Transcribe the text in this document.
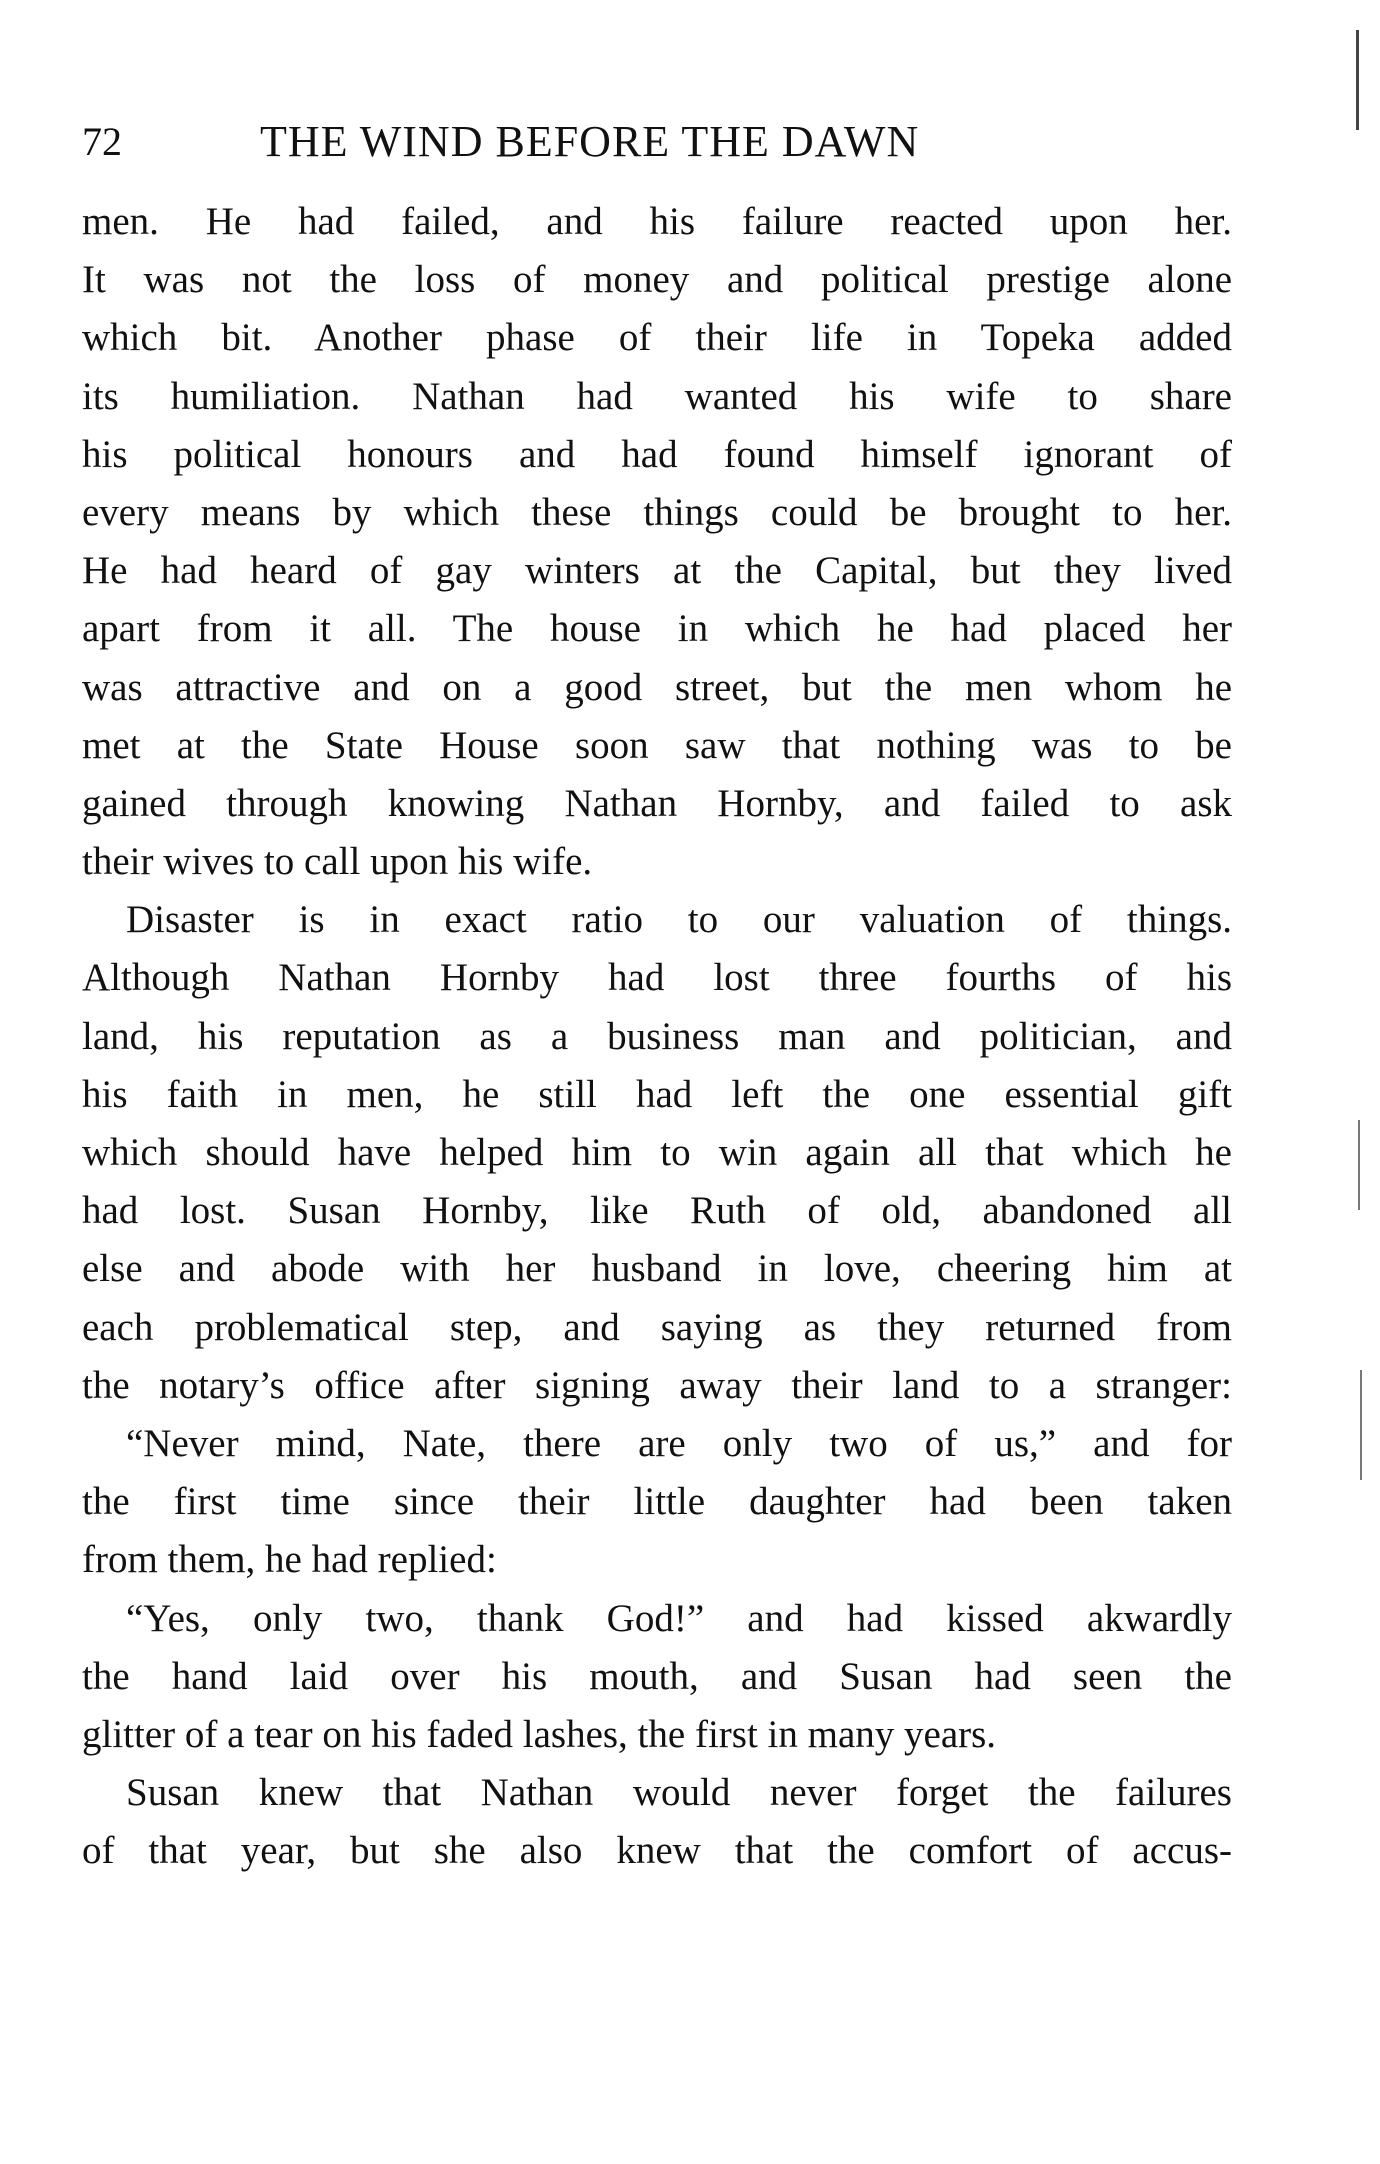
72	THE WIND BEFORE THE DAWN
men. He had failed, and his failure reacted upon her.
It was not the loss of money and political prestige alone
which bit. Another phase of their life in Topeka added
its humiliation. Nathan had wanted his wife to share
his political honours and had found himself ignorant of
every means by which these things could be brought to her.
He had heard of gay winters at the Capital, but they lived
apart from it all. The house in which he had placed her
was attractive and on a good street, but the men whom he
met at the State House soon saw that nothing was to be
gained through knowing Nathan Hornby, and failed to ask
their wives to call upon his wife.
Disaster is in exact ratio to our valuation of things.
Although Nathan Hornby had lost three fourths of his
land, his reputation as a business man and politician, and
his faith in men, he still had left the one essential gift
which should have helped him to win again all that which he
had lost. Susan Hornby, like Ruth of old, abandoned all
else and abode with her husband in love, cheering him at
each problematical step, and saying as they returned from
the notary’s office after signing away their land to a stranger:
“Never mind, Nate, there are only two of us,” and for
the first time since their little daughter had been taken
from them, he had replied:
“Yes, only two, thank God!” and had kissed akwardly
the hand laid over his mouth, and Susan had seen the
glitter of a tear on his faded lashes, the first in many years.
Susan knew that Nathan would never forget the failures
of that year, but she also knew that the comfort of accus-
